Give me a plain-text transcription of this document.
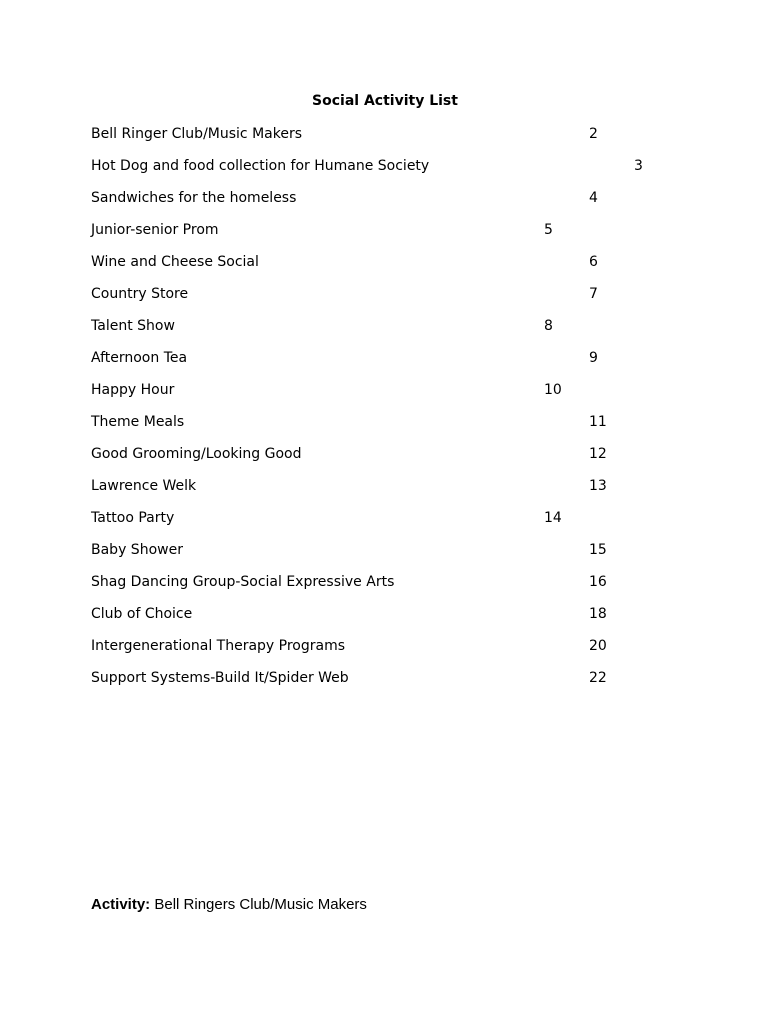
Social Activity List
Bell Ringer Club/Music Makers	2
Hot Dog and food collection for Humane Society	3
Sandwiches for the homeless	4
Junior-senior Prom	5
Wine and Cheese Social	6
Country Store	7
Talent Show	8
Afternoon Tea	9
Happy Hour	10
Theme Meals	11
Good Grooming/Looking Good	12
Lawrence Welk	13
Tattoo Party	14
Baby Shower	15
Shag Dancing Group-Social Expressive Arts	16
Club of Choice	18
Intergenerational Therapy Programs	20
Support Systems-Build It/Spider Web	22
Activity: Bell Ringers Club/Music Makers
